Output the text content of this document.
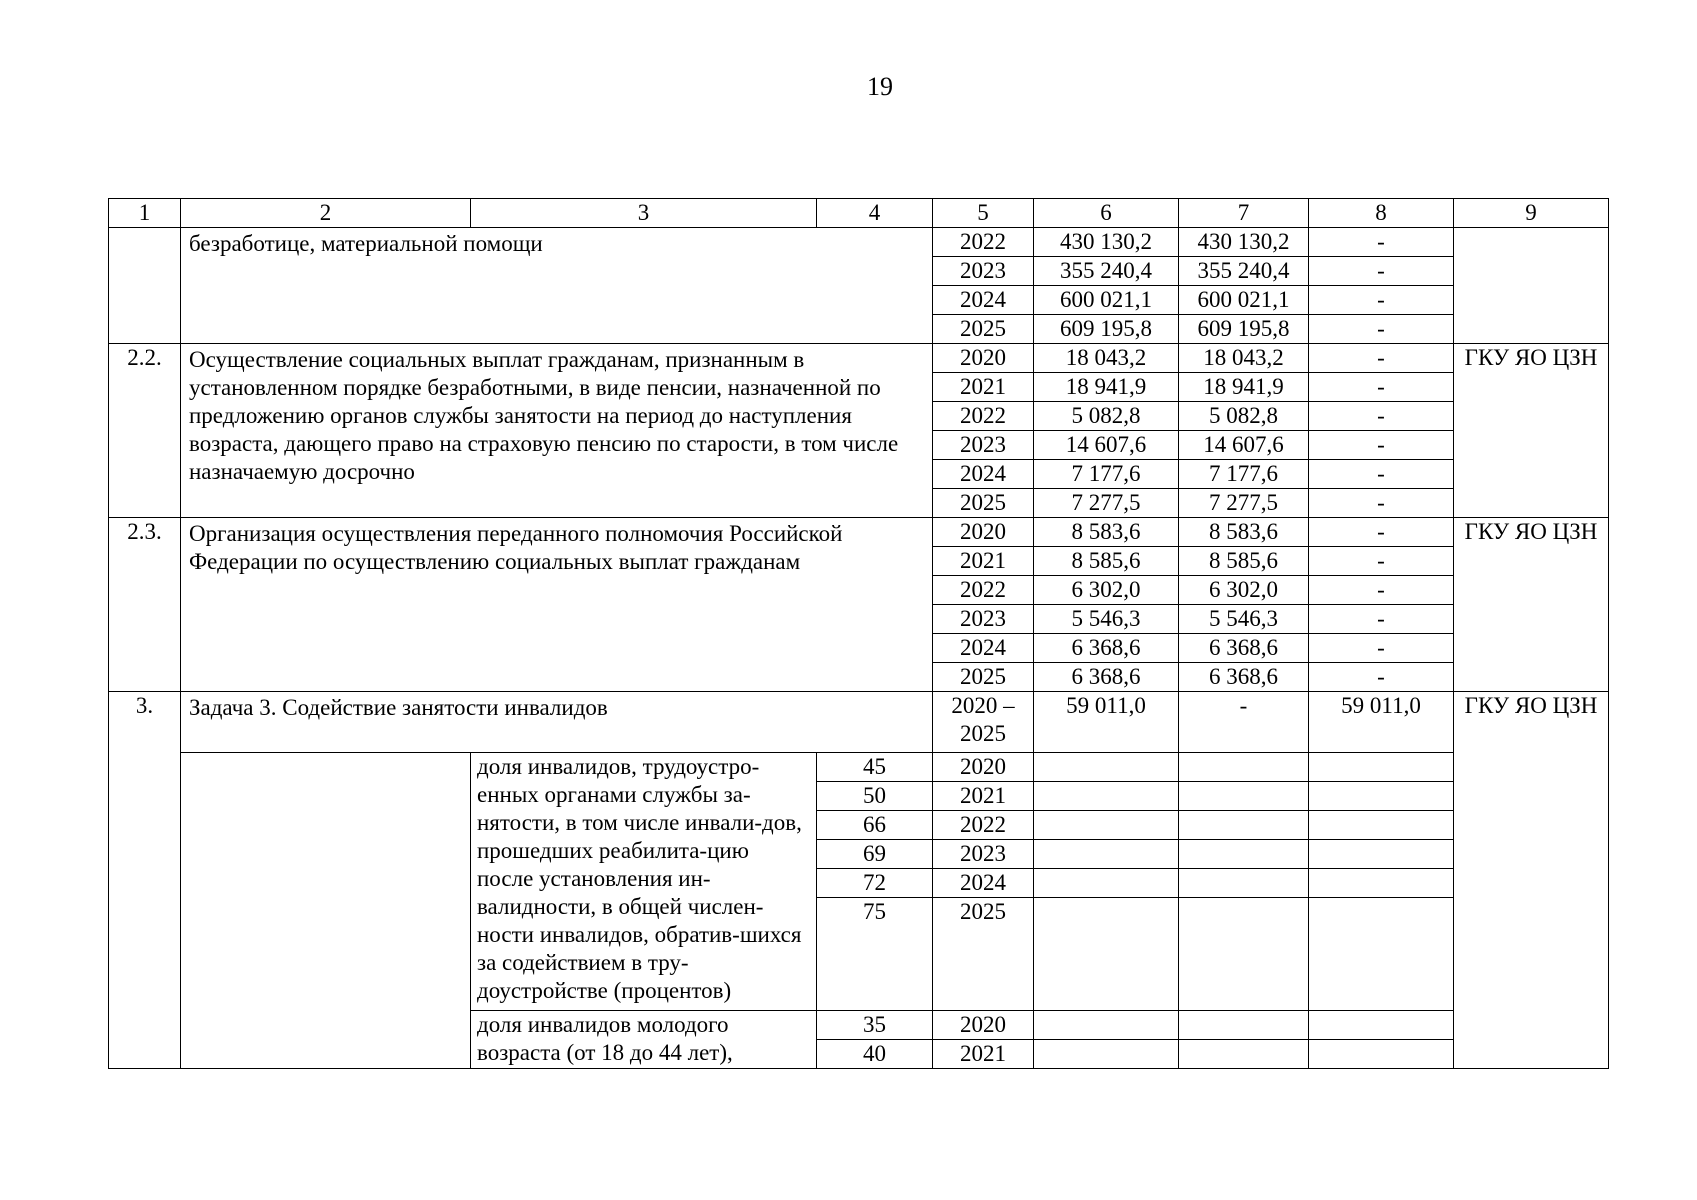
19
1	2	3	4	5	6	7	8	9
	безработице, материальной помощи			2022	430 130,2	430 130,2	-	
				2023	355 240,4	355 240,4	-	
				2024	600 021,1	600 021,1	-	
				2025	609 195,8	609 195,8	-	
2.2.	Осуществление социальных выплат гражданам, признанным в установленном порядке безработными, в виде пенсии, назначенной по предложению органов службы занятости на период до наступления возраста, дающего право на страховую пенсию по старости, в том числе назначаемую досрочно			2020	18 043,2	18 043,2	-	ГКУ ЯО ЦЗН
				2021	18 941,9	18 941,9	-	
				2022	5 082,8	5 082,8	-	
				2023	14 607,6	14 607,6	-	
				2024	7 177,6	7 177,6	-	
				2025	7 277,5	7 277,5	-	
2.3.	Организация осуществления переданного полномочия Российской Федерации по осуществлению социальных выплат гражданам			2020	8 583,6	8 583,6	-	ГКУ ЯО ЦЗН
				2021	8 585,6	8 585,6	-	
				2022	6 302,0	6 302,0	-	
				2023	5 546,3	5 546,3	-	
				2024	6 368,6	6 368,6	-	
				2025	6 368,6	6 368,6	-	
3.	Задача 3. Содействие занятости инвалидов			2020 – 2025	59 011,0	-	59 011,0	ГКУ ЯО ЦЗН
		доля инвалидов, трудоустро-енных органами службы за-нятости, в том числе инвали-дов, прошедших реабилита-цию после установления ин-валидности, в общей числен-ности инвалидов, обратив-шихся за содействием в тру-доустройстве (процентов)	45	2020				
			50	2021				
			66	2022				
			69	2023				
			72	2024				
			75	2025				
		доля инвалидов молодого возраста (от 18 до 44 лет),	35	2020				
			40	2021				
